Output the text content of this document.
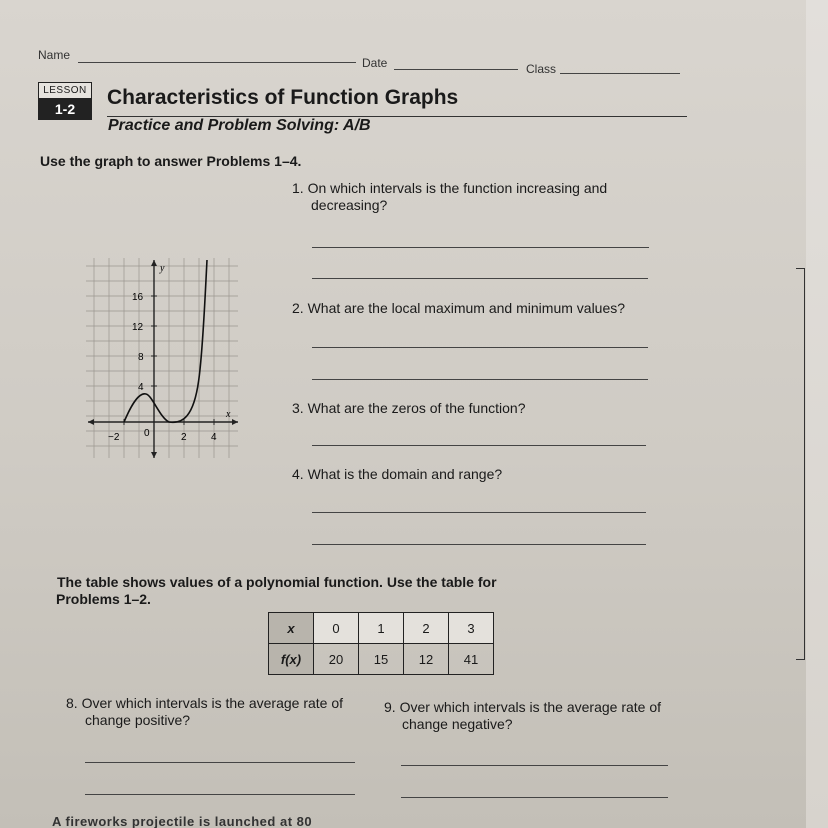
Name
Date	Class
LESSON
1-2	Characteristics of Function Graphs
Practice and Problem Solving: A/B
Use the graph to answer Problems 1–4.
1. On which intervals is the function increasing and
decreasing?
2. What are the local maximum and minimum values?
3. What are the zeros of the function?
4. What is the domain and range?
y
x
16
12
8
4
−2 0	2 4
The table shows values of a polynomial function. Use the table for
Problems 1–2.
x	0	1	2	3
f(x)	20	15	12	41
8. Over which intervals is the average rate of
change positive?
9. Over which intervals is the average rate of
change negative?
A fireworks projectile is launched at 80
